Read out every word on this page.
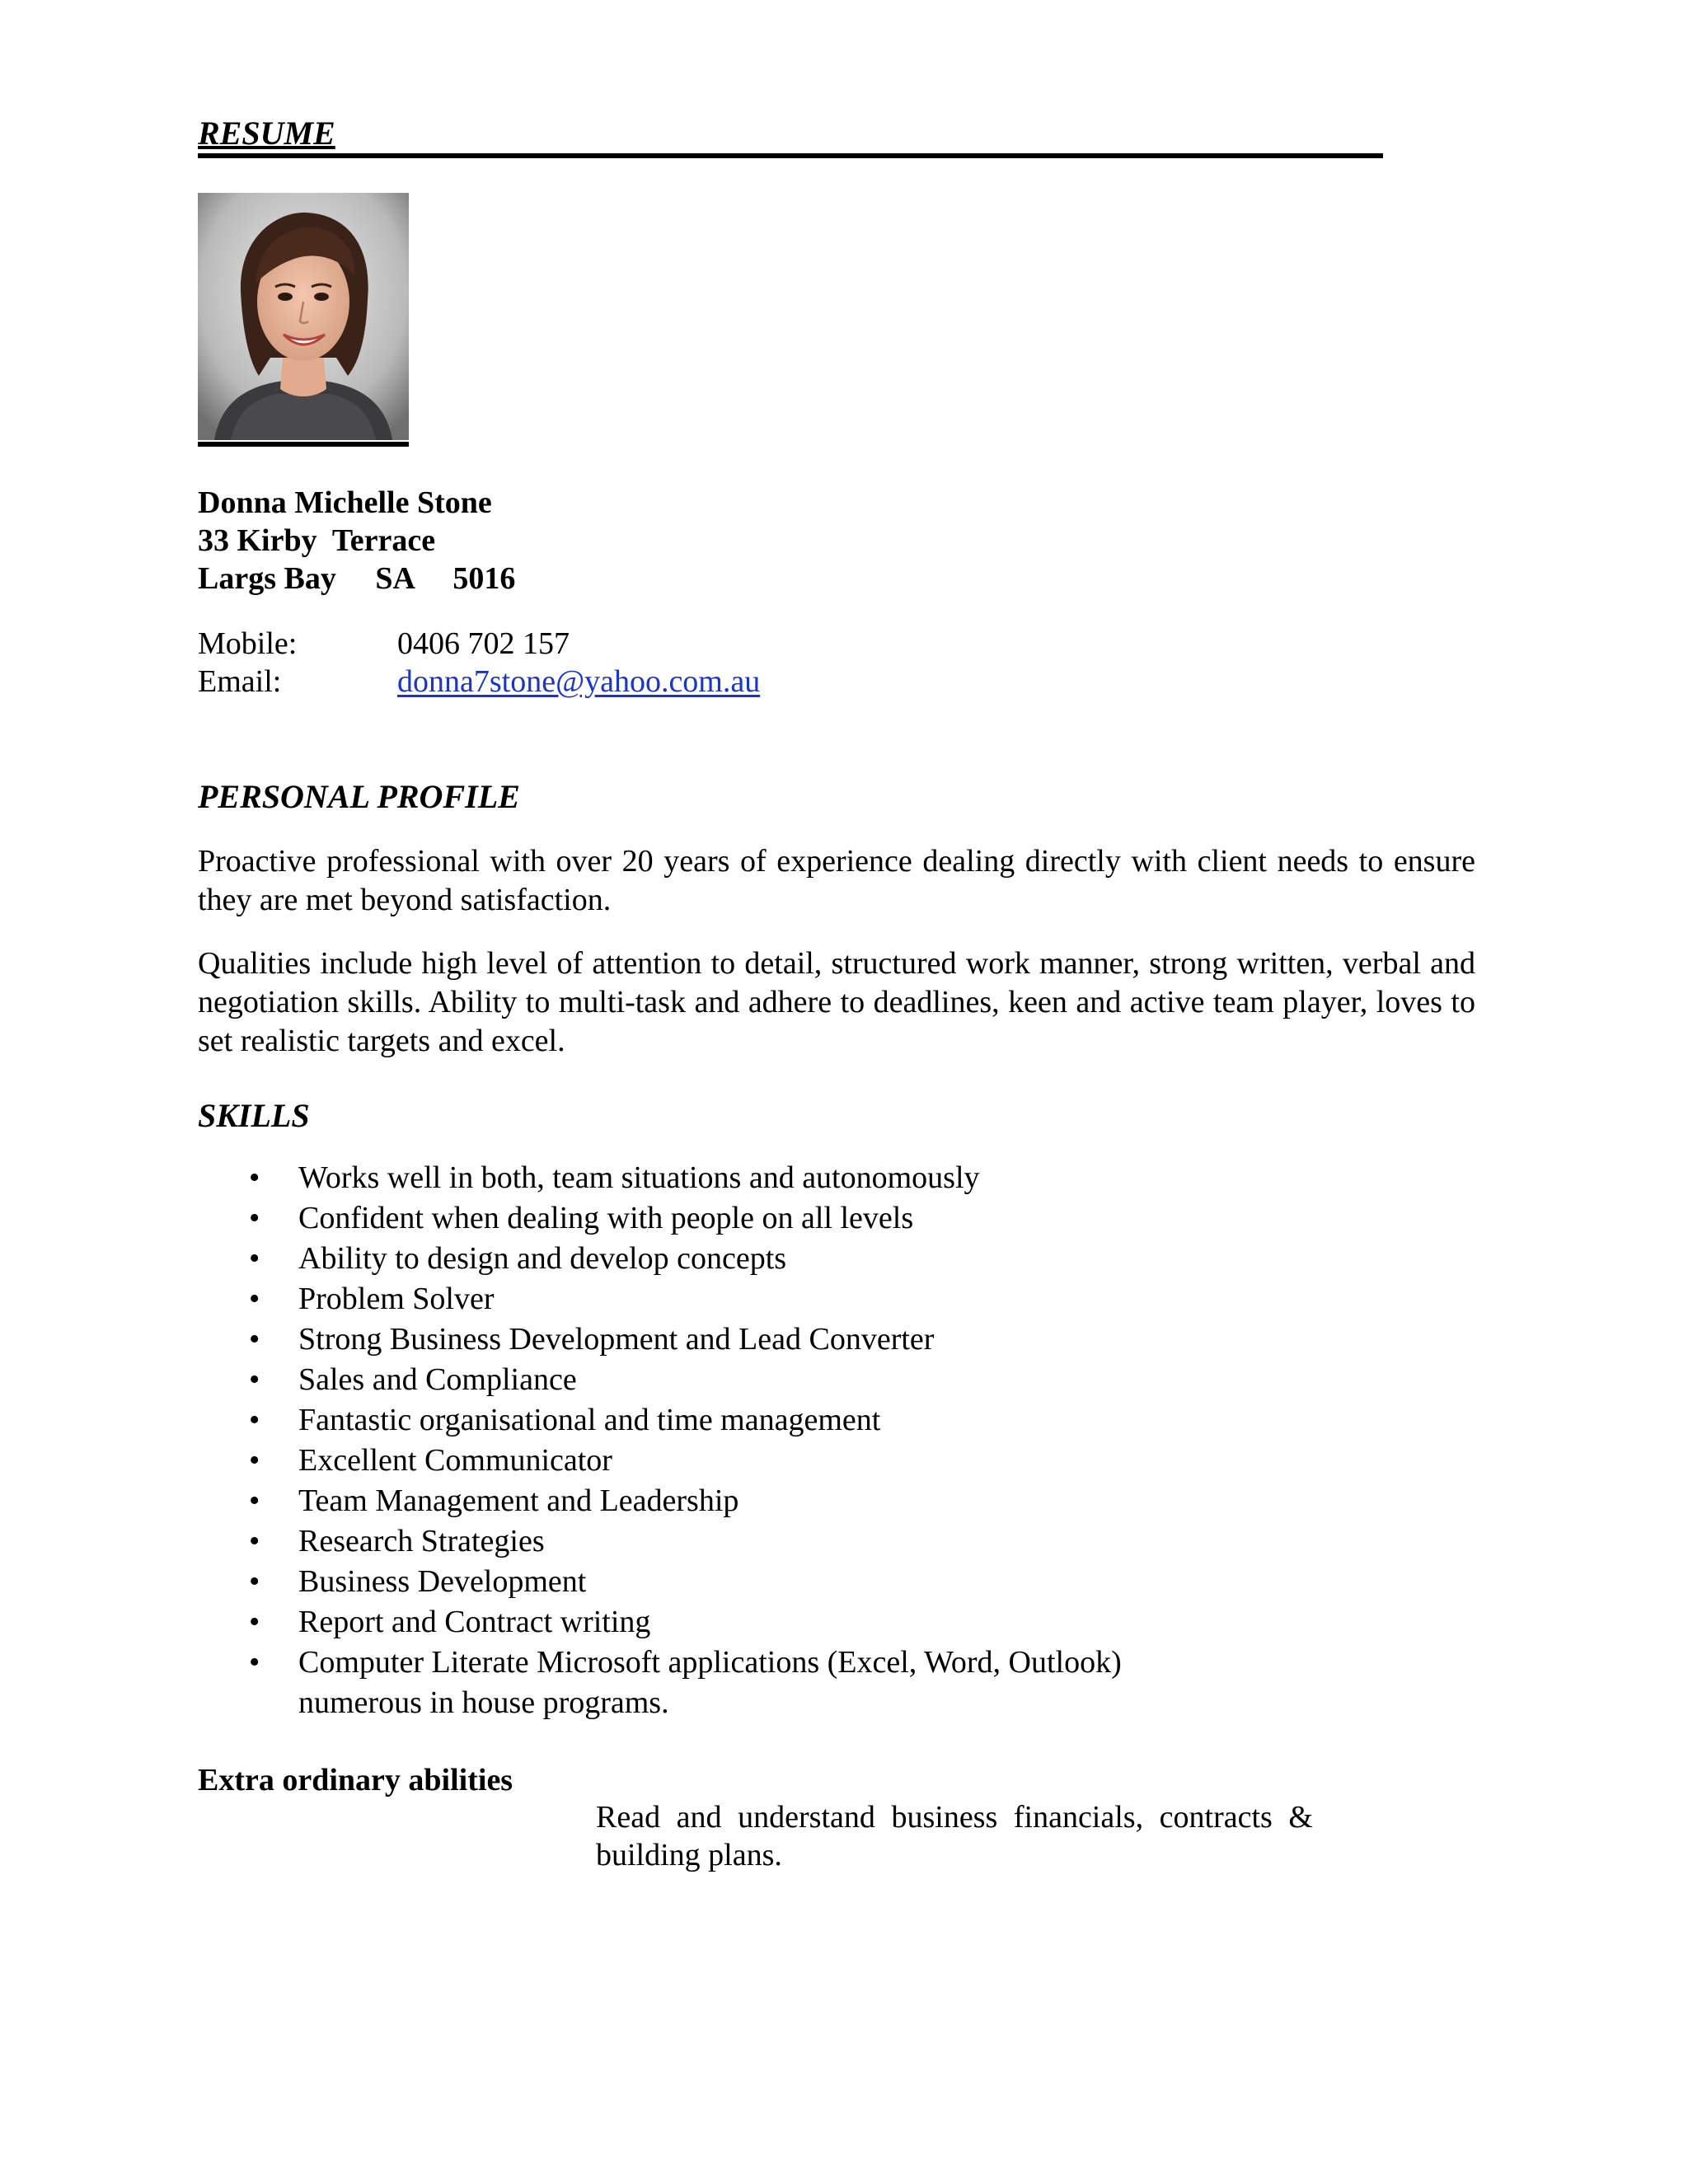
RESUME
Donna Michelle Stone
33 Kirby  Terrace
Largs Bay     SA     5016
Mobile:	0406 702 157
Email:	donna7stone@yahoo.com.au
PERSONAL PROFILE
Proactive professional with over 20 years of experience dealing directly with client needs to ensure they are met beyond satisfaction.
Qualities include high level of attention to detail, structured work manner, strong written, verbal and negotiation skills. Ability to multi-task and adhere to deadlines, keen and active team player, loves to set realistic targets and excel.
SKILLS
• Works well in both, team situations and autonomously
• Confident when dealing with people on all levels
• Ability to design and develop concepts
• Problem Solver
• Strong Business Development and Lead Converter
• Sales and Compliance
• Fantastic organisational and time management
• Excellent Communicator
• Team Management and Leadership
• Research Strategies
• Business Development
• Report and Contract writing
• Computer Literate Microsoft applications (Excel, Word, Outlook)
numerous in house programs.
Extra ordinary abilities
Read and understand business financials, contracts & building plans.
